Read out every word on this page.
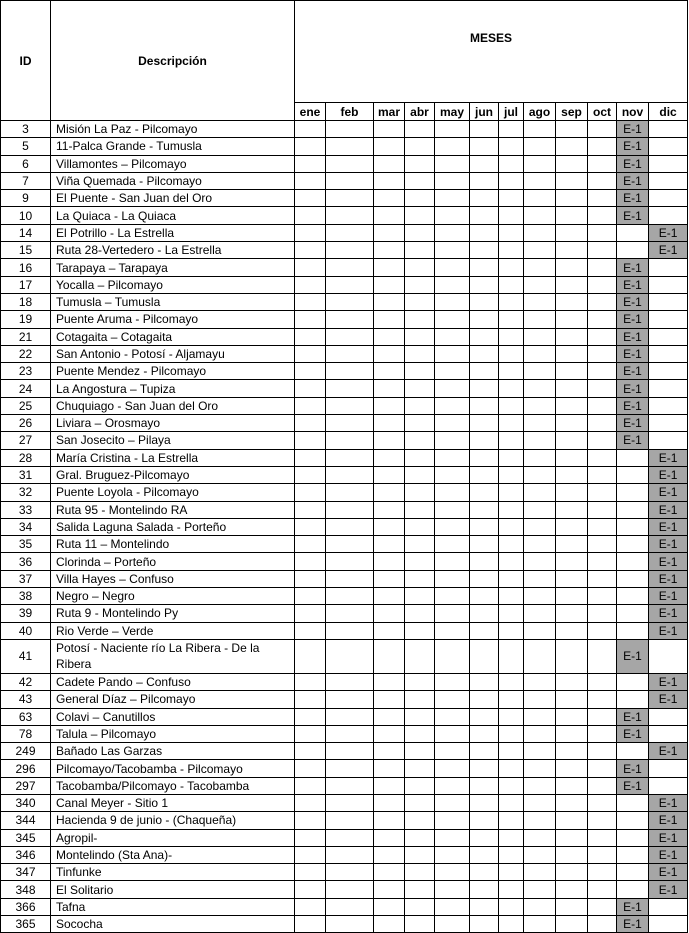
ID	Descripción	MESES											
		ene	feb	mar	abr	may	jun	jul	ago	sep	oct	nov	dic
3	Misión La Paz - Pilcomayo											E-1	
5	11-Palca Grande - Tumusla											E-1	
6	Villamontes – Pilcomayo											E-1	
7	Viña Quemada - Pilcomayo											E-1	
9	El Puente - San Juan del Oro											E-1	
10	La Quiaca - La Quiaca											E-1	
14	El Potrillo - La Estrella												E-1
15	Ruta 28-Vertedero - La Estrella												E-1
16	Tarapaya – Tarapaya											E-1	
17	Yocalla – Pilcomayo											E-1	
18	Tumusla – Tumusla											E-1	
19	Puente Aruma - Pilcomayo											E-1	
21	Cotagaita – Cotagaita											E-1	
22	San Antonio - Potosí - Aljamayu											E-1	
23	Puente Mendez - Pilcomayo											E-1	
24	La Angostura – Tupiza											E-1	
25	Chuquiago - San Juan del Oro											E-1	
26	Liviara – Orosmayo											E-1	
27	San Josecito – Pilaya											E-1	
28	María Cristina - La Estrella												E-1
31	Gral. Bruguez-Pilcomayo												E-1
32	Puente Loyola - Pilcomayo												E-1
33	Ruta 95 - Montelindo RA												E-1
34	Salida Laguna Salada - Porteño												E-1
35	Ruta 11 – Montelindo												E-1
36	Clorinda – Porteño												E-1
37	Villa Hayes – Confuso												E-1
38	Negro – Negro												E-1
39	Ruta 9 - Montelindo Py												E-1
40	Rio Verde – Verde												E-1
41	Potosí - Naciente río La Ribera - De la Ribera											E-1	
42	Cadete Pando – Confuso												E-1
43	General Díaz – Pilcomayo												E-1
63	Colavi – Canutillos											E-1	
78	Talula – Pilcomayo											E-1	
249	Bañado Las Garzas												E-1
296	Pilcomayo/Tacobamba - Pilcomayo											E-1	
297	Tacobamba/Pilcomayo - Tacobamba											E-1	
340	Canal Meyer - Sitio 1												E-1
344	Hacienda 9 de junio - (Chaqueña)												E-1
345	Agropil-												E-1
346	Montelindo (Sta Ana)-												E-1
347	Tinfunke												E-1
348	El Solitario												E-1
366	Tafna											E-1	
365	Sococha											E-1	
